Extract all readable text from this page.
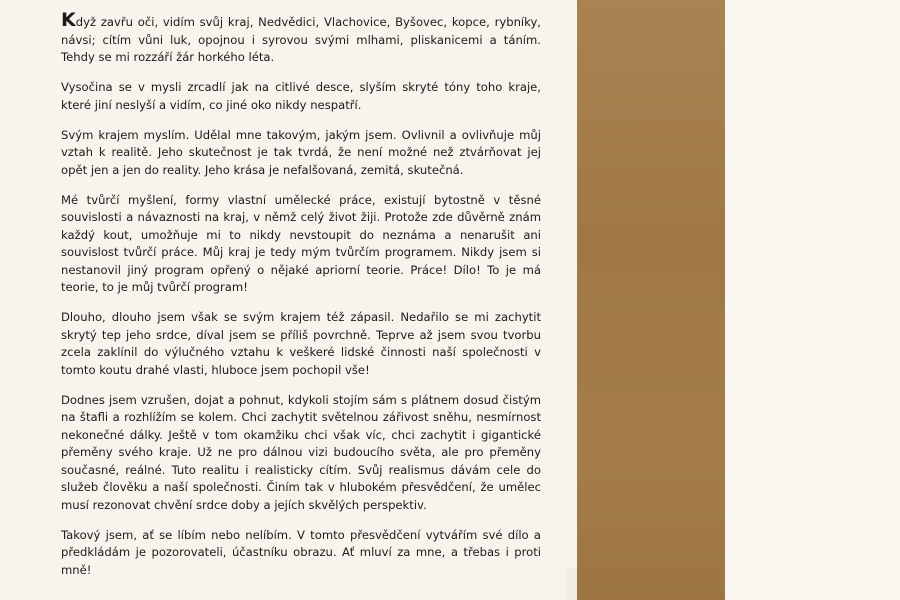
Když zavřu oči, vidím svůj kraj, Nedvědici, Vlachovice, Byšovec, kopce, rybníky, návsi; cítím vůni luk, opojnou i syrovou svými mlhami, pliskanicemi a táním. Tehdy se mi rozzáří žár horkého léta.

Vysočina se v mysli zrcadlí jak na citlivé desce, slyším skryté tóny toho kraje, které jiní neslyší a vidím, co jiné oko nikdy nespatří.

Svým krajem myslím. Udělal mne takovým, jakým jsem. Ovlivnil a ovlivňuje můj vztah k realitě. Jeho skutečnost je tak tvrdá, že není možné než ztvárňovat jej opět jen a jen do reality. Jeho krása je nefalšovaná, zemitá, skutečná.

Mé tvůrčí myšlení, formy vlastní umělecké práce, existují bytostně v těsné souvislosti a návaznosti na kraj, v němž celý život žiji. Protože zde důvěrně znám každý kout, umožňuje mi to nikdy nevstoupit do neznáma a nenarušit ani souvislost tvůrčí práce. Můj kraj je tedy mým tvůrčím programem. Nikdy jsem si nestanovil jiný program opřený o nějaké apriorní teorie. Práce! Dílo! To je má teorie, to je můj tvůrčí program!

Dlouho, dlouho jsem však se svým krajem též zápasil. Nedařilo se mi zachytit skrytý tep jeho srdce, díval jsem se příliš povrchně. Teprve až jsem svou tvorbu zcela zaklínil do výlučného vztahu k veškeré lidské činnosti naší společnosti v tomto koutu drahé vlasti, hluboce jsem pochopil vše!

Dodnes jsem vzrušen, dojat a pohnut, kdykoli stojím sám s plátnem dosud čistým na štafli a rozhlížím se kolem. Chci zachytit světelnou zářivost sněhu, nesmírnost nekonečné dálky. Ještě v tom okamžiku chci však víc, chci zachytit i gigantické přeměny svého kraje. Už ne pro dálnou vizi budoucího světa, ale pro přeměny současné, reálné. Tuto realitu i realisticky cítím. Svůj realismus dávám cele do služeb člověku a naší společnosti. Činím tak v hlubokém přesvědčení, že umělec musí rezonovat chvění srdce doby a jejích skvělých perspektiv.

Takový jsem, ať se líbím nebo nelíbím. V tomto přesvědčení vytvářím své dílo a předkládám je pozorovateli, účastníku obrazu. Ať mluví za mne, a třebas i proti mně!
